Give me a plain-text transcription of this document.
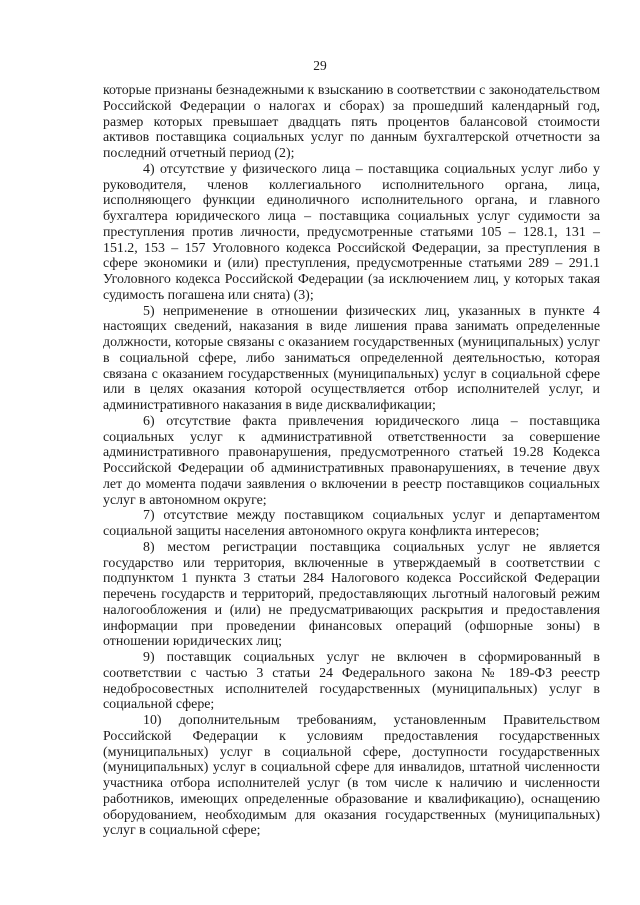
29

которые признаны безнадежными к взысканию в соответствии с законодательством Российской Федерации о налогах и сборах) за прошедший календарный год, размер которых превышает двадцать пять процентов балансовой стоимости активов поставщика социальных услуг по данным бухгалтерской отчетности за последний отчетный период (2);

4) отсутствие у физического лица – поставщика социальных услуг либо у руководителя, членов коллегиального исполнительного органа, лица, исполняющего функции единоличного исполнительного органа, и главного бухгалтера юридического лица – поставщика социальных услуг судимости за преступления против личности, предусмотренные статьями 105 – 128.1, 131 – 151.2, 153 – 157 Уголовного кодекса Российской Федерации, за преступления в сфере экономики и (или) преступления, предусмотренные статьями 289 – 291.1 Уголовного кодекса Российской Федерации (за исключением лиц, у которых такая судимость погашена или снята) (3);

5) неприменение в отношении физических лиц, указанных в пункте 4 настоящих сведений, наказания в виде лишения права занимать определенные должности, которые связаны с оказанием государственных (муниципальных) услуг в социальной сфере, либо заниматься определенной деятельностью, которая связана с оказанием государственных (муниципальных) услуг в социальной сфере или в целях оказания которой осуществляется отбор исполнителей услуг, и административного наказания в виде дисквалификации;

6) отсутствие факта привлечения юридического лица – поставщика социальных услуг к административной ответственности за совершение административного правонарушения, предусмотренного статьей 19.28 Кодекса Российской Федерации об административных правонарушениях, в течение двух лет до момента подачи заявления о включении в реестр поставщиков социальных услуг в автономном округе;

7) отсутствие между поставщиком социальных услуг и департаментом социальной защиты населения автономного округа конфликта интересов;

8) местом регистрации поставщика социальных услуг не является государство или территория, включенные в утверждаемый в соответствии с подпунктом 1 пункта 3 статьи 284 Налогового кодекса Российской Федерации перечень государств и территорий, предоставляющих льготный налоговый режим налогообложения и (или) не предусматривающих раскрытия и предоставления информации при проведении финансовых операций (офшорные зоны) в отношении юридических лиц;

9) поставщик социальных услуг не включен в сформированный в соответствии с частью 3 статьи 24 Федерального закона № 189-ФЗ реестр недобросовестных исполнителей государственных (муниципальных) услуг в социальной сфере;

10) дополнительным требованиям, установленным Правительством Российской Федерации к условиям предоставления государственных (муниципальных) услуг в социальной сфере, доступности государственных (муниципальных) услуг в социальной сфере для инвалидов, штатной численности участника отбора исполнителей услуг (в том числе к наличию и численности работников, имеющих определенные образование и квалификацию), оснащению оборудованием, необходимым для оказания государственных (муниципальных) услуг в социальной сфере;
